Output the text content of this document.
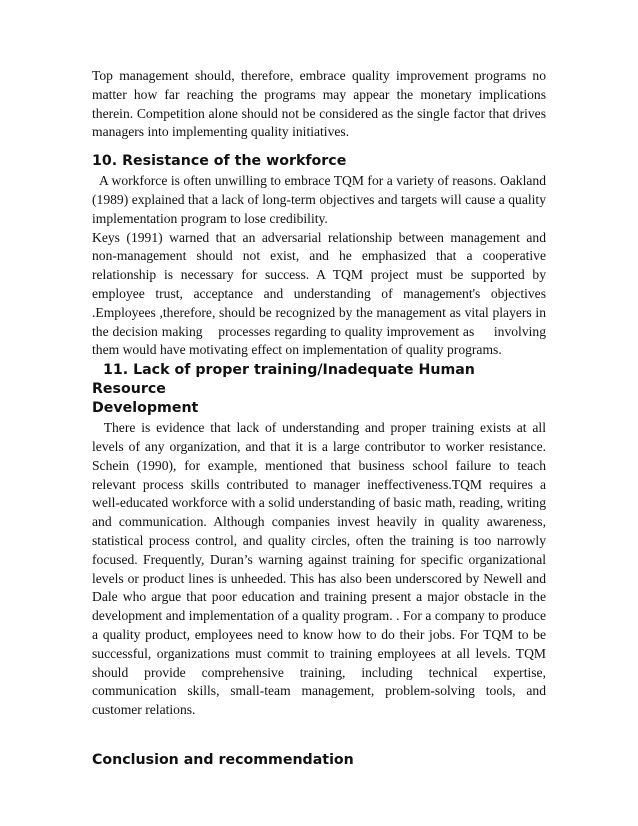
Top management should, therefore, embrace quality improvement programs no matter how far reaching the programs may appear the monetary implications therein. Competition alone should not be considered as the single factor that drives      managers into implementing quality initiatives.

10. Resistance of the workforce

A workforce is often unwilling to embrace TQM for a variety of reasons. Oakland (1989) explained that a lack of long-term objectives and targets will cause a quality implementation program to lose credibility.

Keys (1991) warned that an adversarial relationship between management and non-management should not exist, and he emphasized that a cooperative relationship is necessary for success. A TQM project must be supported by employee trust, acceptance and understanding of management's objectives .Employees ,therefore, should be recognized by the management as vital players in the decision making    processes regarding to quality improvement as     involving them would have motivating effect on implementation of quality programs.

11. Lack of proper training/Inadequate Human Resource
Development

There is evidence that lack of understanding and proper training exists at all levels of any organization, and that it is a large contributor to worker resistance. Schein (1990), for example, mentioned that business school failure to teach relevant process skills contributed to manager ineffectiveness.TQM requires a well-educated workforce with a solid understanding of basic math, reading, writing and communication. Although companies invest heavily in quality awareness, statistical process control, and quality circles, often the training is too narrowly focused. Frequently, Duran’s warning against training for specific organizational levels or product lines is unheeded. This has also been underscored by Newell and Dale who argue that poor education and training present a major obstacle in the development and implementation of a quality program. . For a company to produce a quality product, employees need to know how to do their jobs. For TQM to be successful, organizations must commit to training employees at all levels. TQM should provide comprehensive training, including technical expertise, communication skills, small-team management, problem-solving tools, and customer relations.

Conclusion and recommendation
